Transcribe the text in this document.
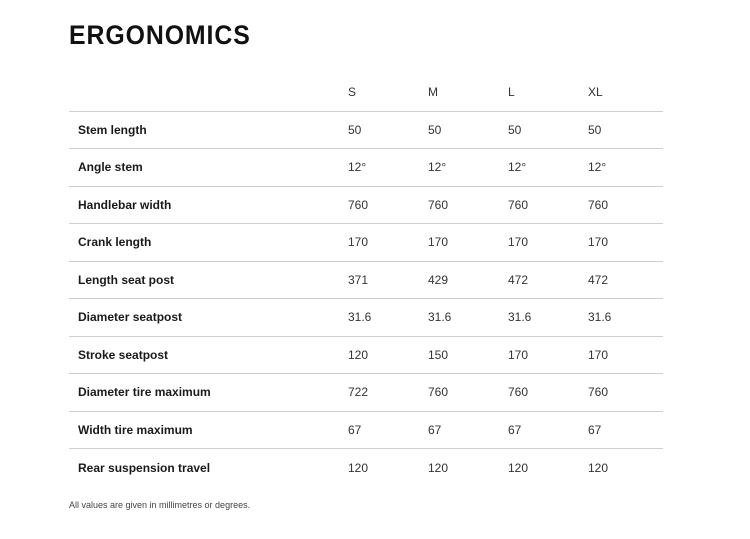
ERGONOMICS
	S	M	L	XL
Stem length	50	50	50	50
Angle stem	12°	12°	12°	12°
Handlebar width	760	760	760	760
Crank length	170	170	170	170
Length seat post	371	429	472	472
Diameter seatpost	31.6	31.6	31.6	31.6
Stroke seatpost	120	150	170	170
Diameter tire maximum	722	760	760	760
Width tire maximum	67	67	67	67
Rear suspension travel	120	120	120	120

All values are given in millimetres or degrees.
